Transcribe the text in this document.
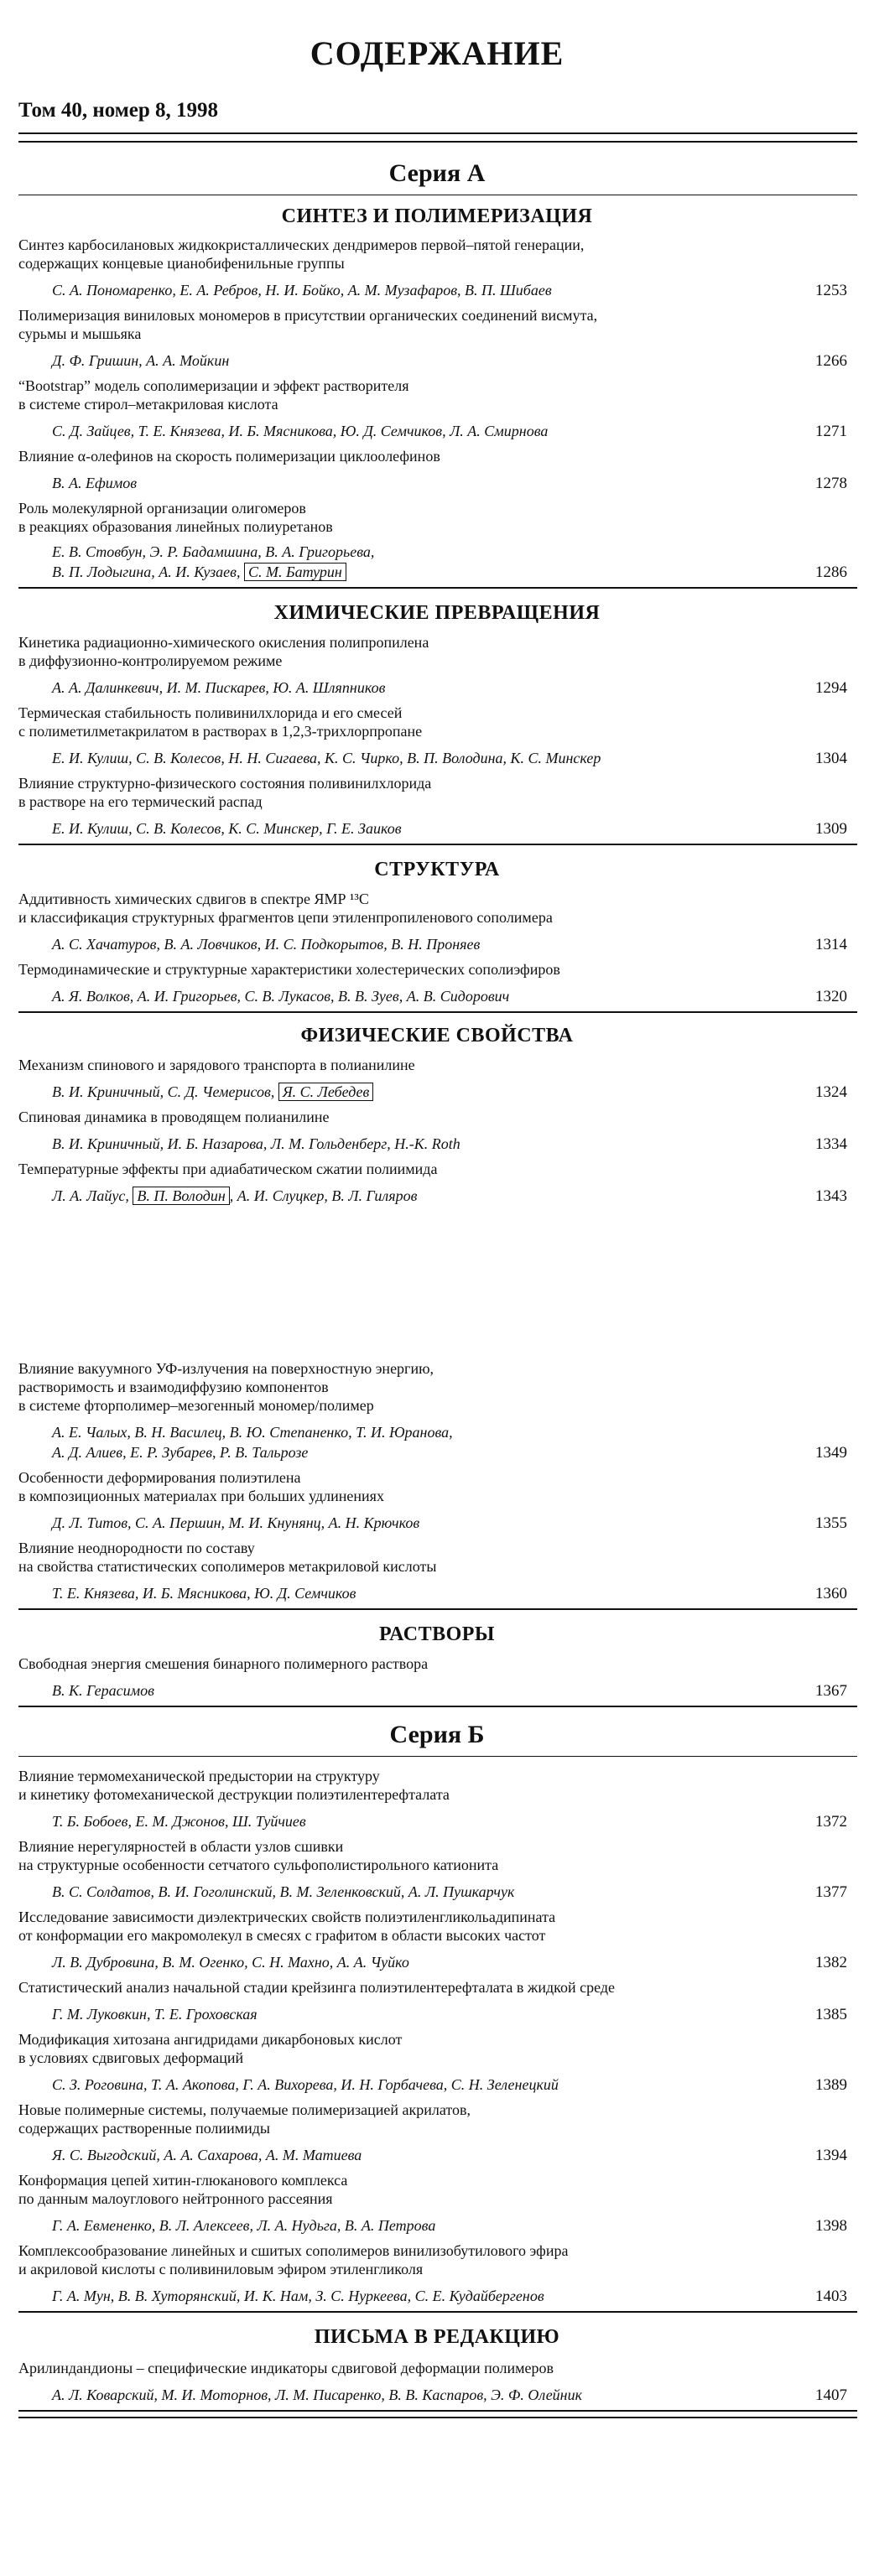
СОДЕРЖАНИЕ
Том 40, номер 8, 1998
Серия А
СИНТЕЗ И ПОЛИМЕРИЗАЦИЯ
Синтез карбосилановых жидкокристаллических дендримеров первой–пятой генерации,
содержащих концевые цианобифенильные группы
С. А. Пономаренко, Е. А. Ребров, Н. И. Бойко, А. М. Музафаров, В. П. Шибаев	1253
Полимеризация виниловых мономеров в присутствии органических соединений висмута,
сурьмы и мышьяка
Д. Ф. Гришин, А. А. Мойкин	1266
“Bootstrap” модель сополимеризации и эффект растворителя
в системе стирол–метакриловая кислота
С. Д. Зайцев, Т. Е. Князева, И. Б. Мясникова, Ю. Д. Семчиков, Л. А. Смирнова	1271
Влияние α-олефинов на скорость полимеризации циклоолефинов
В. А. Ефимов	1278
Роль молекулярной организации олигомеров
в реакциях образования линейных полиуретанов
Е. В. Стовбун, Э. Р. Бадамшина, В. А. Григорьева,
В. П. Лодыгина, А. И. Кузаев, С. М. Батурин	1286
ХИМИЧЕСКИЕ ПРЕВРАЩЕНИЯ
Кинетика радиационно-химического окисления полипропилена
в диффузионно-контролируемом режиме
А. А. Далинкевич, И. М. Пискарев, Ю. А. Шляпников	1294
Термическая стабильность поливинилхлорида и его смесей
с полиметилметакрилатом в растворах в 1,2,3-трихлорпропане
Е. И. Кулиш, С. В. Колесов, Н. Н. Сигаева, К. С. Чирко, В. П. Володина, К. С. Минскер	1304
Влияние структурно-физического состояния поливинилхлорида
в растворе на его термический распад
Е. И. Кулиш, С. В. Колесов, К. С. Минскер, Г. Е. Заиков	1309
СТРУКТУРА
Аддитивность химических сдвигов в спектре ЯМР ¹³С
и классификация структурных фрагментов цепи этиленпропиленового сополимера
А. С. Хачатуров, В. А. Ловчиков, И. С. Подкорытов, В. Н. Проняев	1314
Термодинамические и структурные характеристики холестерических сополиэфиров
А. Я. Волков, А. И. Григорьев, С. В. Лукасов, В. В. Зуев, А. В. Сидорович	1320
ФИЗИЧЕСКИЕ СВОЙСТВА
Механизм спинового и зарядового транспорта в полианилине
В. И. Криничный, С. Д. Чемерисов, Я. С. Лебедев	1324
Спиновая динамика в проводящем полианилине
В. И. Криничный, И. Б. Назарова, Л. М. Гольденберг, Н.-К. Roth	1334
Температурные эффекты при адиабатическом сжатии полиимида
Л. А. Лайус, В. П. Володин , А. И. Слуцкер, В. Л. Гиляров	1343
Влияние вакуумного УФ-излучения на поверхностную энергию,
растворимость и взаимодиффузию компонентов
в системе фторполимер–мезогенный мономер/полимер
А. Е. Чалых, В. Н. Василец, В. Ю. Степаненко, Т. И. Юранова,
А. Д. Алиев, Е. Р. Зубарев, Р. В. Тальрозе	1349
Особенности деформирования полиэтилена
в композиционных материалах при больших удлинениях
Д. Л. Титов, С. А. Першин, М. И. Кнунянц, А. Н. Крючков	1355
Влияние неоднородности по составу
на свойства статистических сополимеров метакриловой кислоты
Т. Е. Князева, И. Б. Мясникова, Ю. Д. Семчиков	1360
РАСТВОРЫ
Свободная энергия смешения бинарного полимерного раствора
В. К. Герасимов	1367
Серия Б
Влияние термомеханической предыстории на структуру
и кинетику фотомеханической деструкции полиэтилентерефталата
Т. Б. Бобоев, Е. М. Джонов, Ш. Туйчиев	1372
Влияние нерегулярностей в области узлов сшивки
на структурные особенности сетчатого сульфополистирольного катионита
В. С. Солдатов, В. И. Гоголинский, В. М. Зеленковский, А. Л. Пушкарчук	1377
Исследование зависимости диэлектрических свойств полиэтиленгликольадипината
от конформации его макромолекул в смесях с графитом в области высоких частот
Л. В. Дубровина, В. М. Огенко, С. Н. Махно, А. А. Чуйко	1382
Статистический анализ начальной стадии крейзинга полиэтилентерефталата в жидкой среде
Г. М. Луковкин, Т. Е. Гроховская	1385
Модификация хитозана ангидридами дикарбоновых кислот
в условиях сдвиговых деформаций
С. З. Роговина, Т. А. Акопова, Г. А. Вихорева, И. Н. Горбачева, С. Н. Зеленецкий	1389
Новые полимерные системы, получаемые полимеризацией акрилатов,
содержащих растворенные полиимиды
Я. С. Выгодский, А. А. Сахарова, А. М. Матиева	1394
Конформация цепей хитин-глюканового комплекса
по данным малоуглового нейтронного рассеяния
Г. А. Евмененко, В. Л. Алексеев, Л. А. Нудьга, В. А. Петрова	1398
Комплексообразование линейных и сшитых сополимеров винилизобутилового эфира
и акриловой кислоты с поливиниловым эфиром этиленгликоля
Г. А. Мун, В. В. Хуторянский, И. К. Нам, З. С. Нуркеева, С. Е. Кудайбергенов	1403
ПИСЬМА В РЕДАКЦИЮ
Арилиндандионы – специфические индикаторы сдвиговой деформации полимеров
А. Л. Коварский, М. И. Моторнов, Л. М. Писаренко, В. В. Каспаров, Э. Ф. Олейник	1407
